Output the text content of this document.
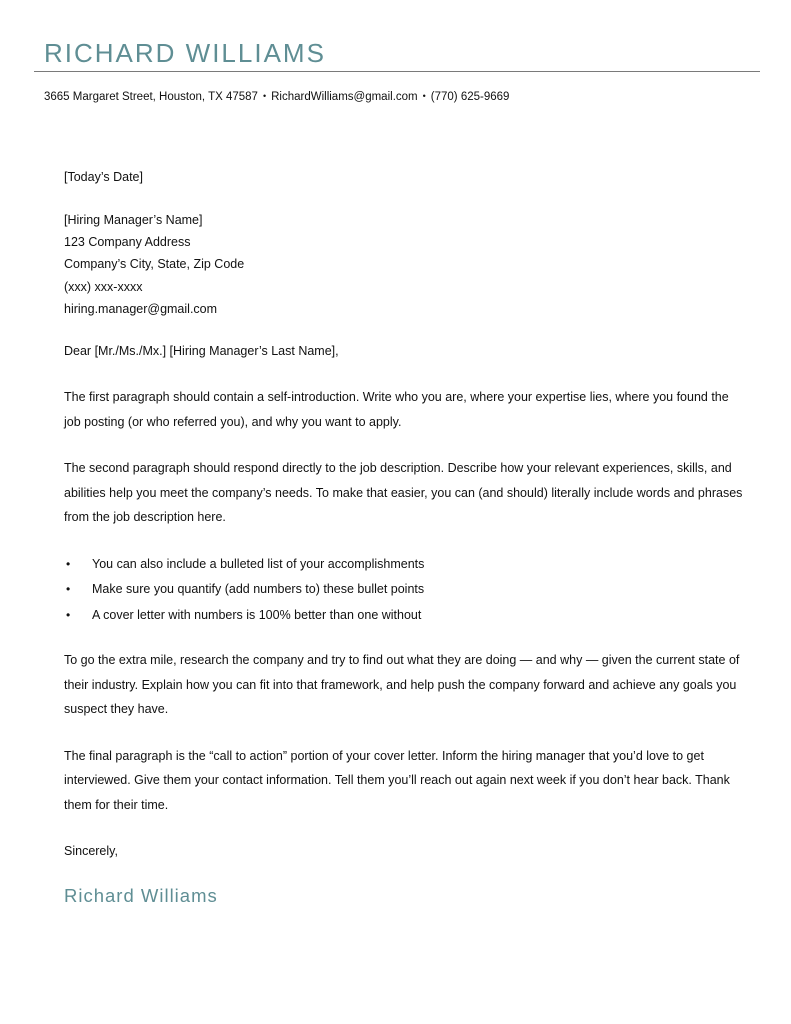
RICHARD WILLIAMS
3665 Margaret Street, Houston, TX 47587 • RichardWilliams@gmail.com • (770) 625-9669

[Today’s Date]

[Hiring Manager’s Name]
123 Company Address
Company’s City, State, Zip Code
(xxx) xxx-xxxx
hiring.manager@gmail.com

Dear [Mr./Ms./Mx.] [Hiring Manager’s Last Name],

The first paragraph should contain a self-introduction. Write who you are, where your expertise lies, where you found the job posting (or who referred you), and why you want to apply.

The second paragraph should respond directly to the job description. Describe how your relevant experiences, skills, and abilities help you meet the company’s needs. To make that easier, you can (and should) literally include words and phrases from the job description here.

• You can also include a bulleted list of your accomplishments
• Make sure you quantify (add numbers to) these bullet points
• A cover letter with numbers is 100% better than one without

To go the extra mile, research the company and try to find out what they are doing — and why — given the current state of their industry. Explain how you can fit into that framework, and help push the company forward and achieve any goals you suspect they have.

The final paragraph is the “call to action” portion of your cover letter. Inform the hiring manager that you’d love to get interviewed. Give them your contact information. Tell them you’ll reach out again next week if you don’t hear back. Thank them for their time.

Sincerely,

Richard Williams
